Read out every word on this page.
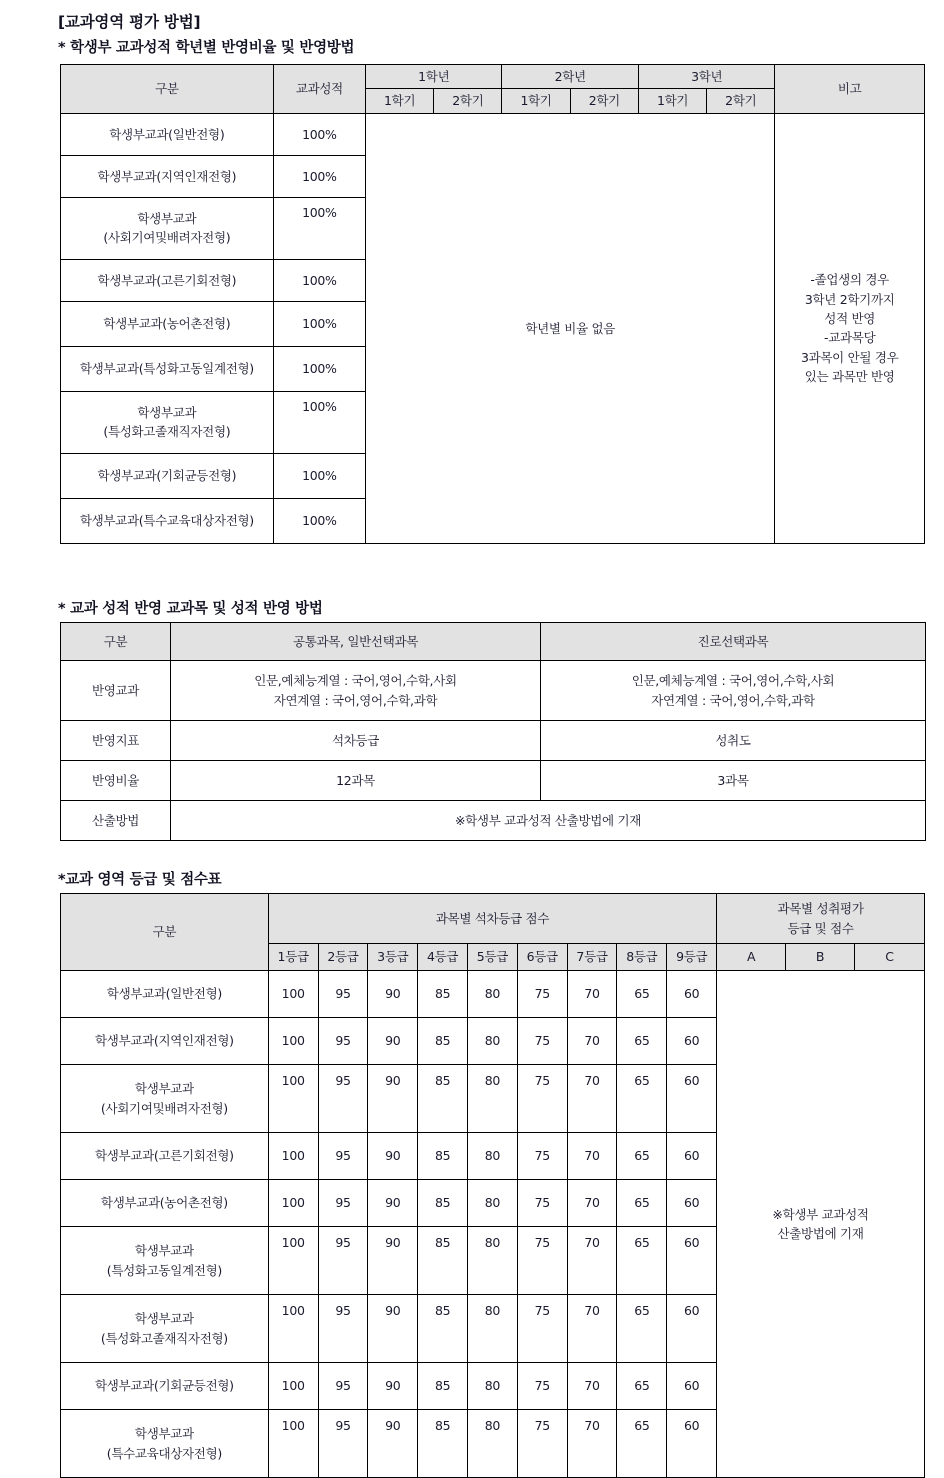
[교과영역 평가 방법]
* 학생부 교과성적 학년별 반영비율 및 반영방법
구분	교과성적	1학년		2학년		3학년		비고
		1학기	2학기	1학기	2학기	1학기	2학기	
학생부교과(일반전형)	100%	학년별 비율 없음	
-졸업생의 경우
3학년 2학기까지
성적 반영
-교과목당
3과목이 안될 경우
있는 과목만 반영

학생부교과(지역인재전형)	100%							

학생부교과
(사회기여및배려자전형)	100%							
학생부교과(고른기회전형)	100%							
학생부교과(농어촌전형)	100%							
학생부교과(특성화고동일계전형)	100%							

학생부교과
(특성화고졸재직자전형)	100%							
학생부교과(기회균등전형)	100%							
학생부교과(특수교육대상자전형)	100%							
* 교과 성적 반영 교과목 및 성적 반영 방법
구분	공통과목, 일반선택과목	진로선택과목
반영교과	인문,예체능계열 : 국어,영어,수학,사회
자연계열 : 국어,영어,수학,과학	인문,예체능계열 : 국어,영어,수학,사회
자연계열 : 국어,영어,수학,과학

반영지표	석차등급	성취도
반영비율	12과목	3과목
산출방법	※학생부 교과성적 산출방법에 기재	
*교과 영역 등급 및 점수표
구분	과목별 석차등급 점수									과목별 성취평가
등급 및 점수		

	1등급	2등급	3등급	4등급	5등급	6등급	7등급	8등급	9등급	A	B	C
학생부교과(일반전형)	100	95	90	85	80	75	70	65	60	※학생부 교과성적
산출방법에 기재		

학생부교과(지역인재전형)	100	95	90	85	80	75	70	65	60			

학생부교과
(사회기여및배려자전형)	100	95	90	85	80	75	70	65	60			
학생부교과(고른기회전형)	100	95	90	85	80	75	70	65	60			
학생부교과(농어촌전형)	100	95	90	85	80	75	70	65	60			

학생부교과
(특성화고동일계전형)	100	95	90	85	80	75	70	65	60			

학생부교과
(특성화고졸재직자전형)	100	95	90	85	80	75	70	65	60			
학생부교과(기회균등전형)	100	95	90	85	80	75	70	65	60			

학생부교과
(특수교육대상자전형)	100	95	90	85	80	75	70	65	60			
